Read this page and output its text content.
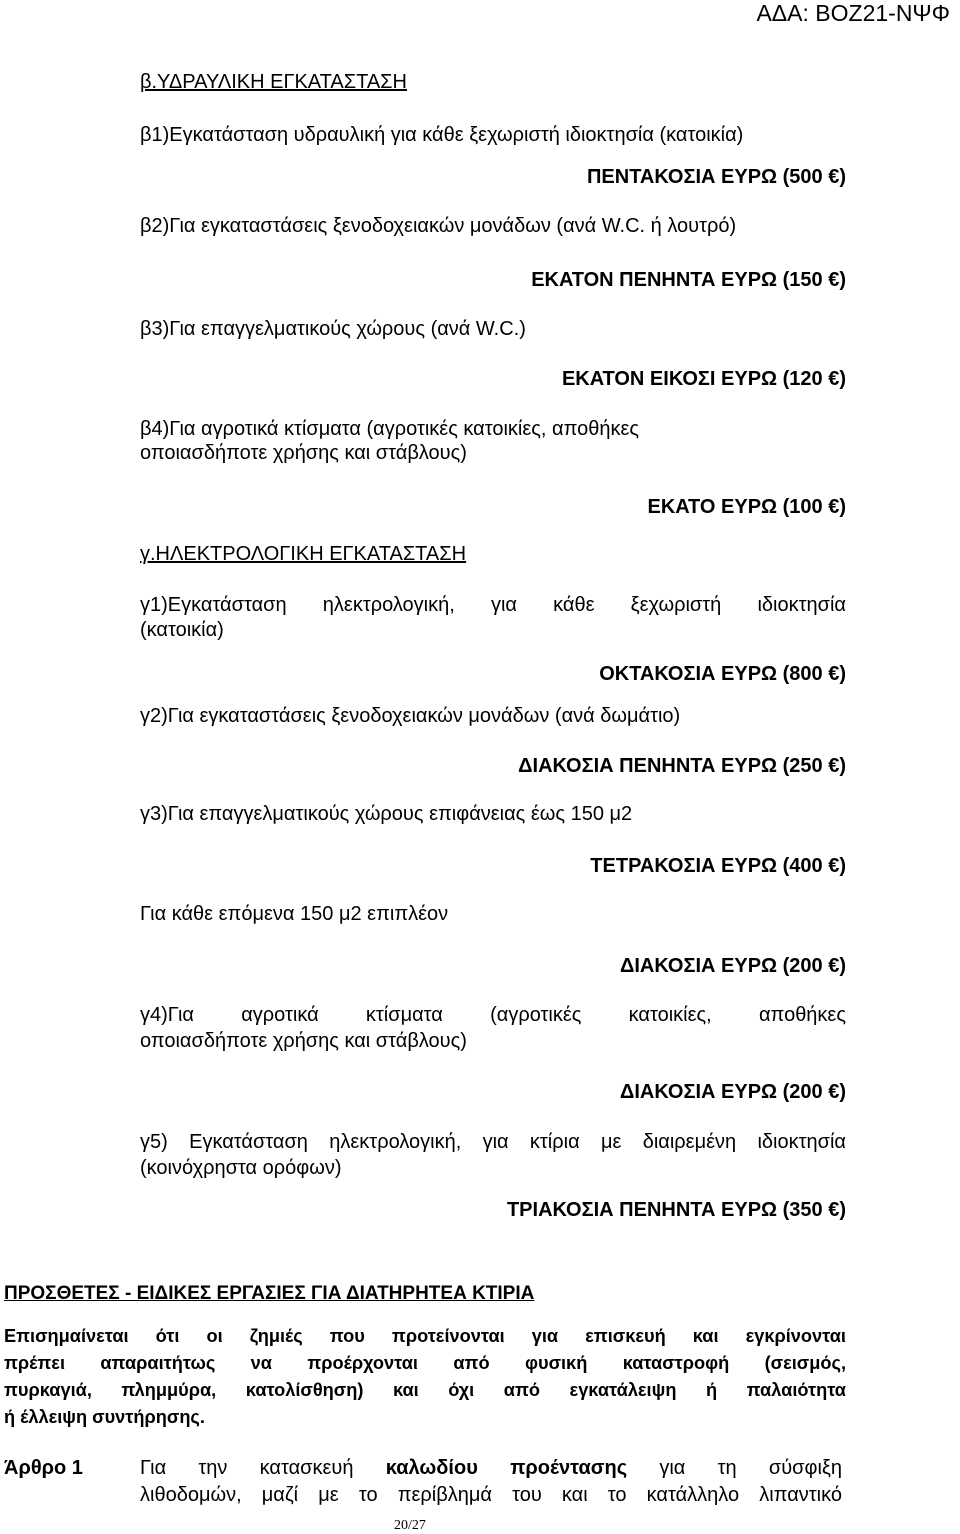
ΑΔΑ: ΒΟΖ21-ΝΨΦ
β.ΥΔΡΑΥΛΙΚΗ ΕΓΚΑΤΑΣΤΑΣΗ
β1)Εγκατάσταση υδραυλική για κάθε ξεχωριστή ιδιοκτησία (κατοικία)
ΠΕΝΤΑΚΟΣΙΑ ΕΥΡΩ (500 €)
β2)Για εγκαταστάσεις ξενοδοχειακών μονάδων (ανά W.C. ή λουτρό)
ΕΚΑΤΟΝ ΠΕΝΗΝΤΑ ΕΥΡΩ (150 €)
β3)Για επαγγελματικούς χώρους (ανά W.C.)
ΕΚΑΤΟΝ ΕΙΚΟΣΙ ΕΥΡΩ (120 €)
β4)Για αγροτικά κτίσματα (αγροτικές κατοικίες, αποθήκες
οποιασδήποτε χρήσης και στάβλους)
ΕΚΑΤΟ ΕΥΡΩ (100 €)
γ.ΗΛΕΚΤΡΟΛΟΓΙΚΗ ΕΓΚΑΤΑΣΤΑΣΗ
γ1)Εγκατάσταση ηλεκτρολογική, για κάθε ξεχωριστή ιδιοκτησία
(κατοικία)
ΟΚΤΑΚΟΣΙΑ ΕΥΡΩ (800 €)
γ2)Για εγκαταστάσεις ξενοδοχειακών μονάδων (ανά δωμάτιο)
ΔΙΑΚΟΣΙΑ ΠΕΝΗΝΤΑ ΕΥΡΩ (250 €)
γ3)Για επαγγελματικούς χώρους επιφάνειας έως 150 μ2
ΤΕΤΡΑΚΟΣΙΑ ΕΥΡΩ (400 €)
Για κάθε επόμενα 150 μ2 επιπλέον
ΔΙΑΚΟΣΙΑ ΕΥΡΩ (200 €)
γ4)Για αγροτικά κτίσματα (αγροτικές κατοικίες, αποθήκες
οποιασδήποτε χρήσης και στάβλους)
ΔΙΑΚΟΣΙΑ ΕΥΡΩ (200 €)
γ5) Εγκατάσταση ηλεκτρολογική, για κτίρια με διαιρεμένη ιδιοκτησία
(κοινόχρηστα ορόφων)
ΤΡΙΑΚΟΣΙΑ ΠΕΝΗΝΤΑ ΕΥΡΩ (350 €)
ΠΡΟΣΘΕΤΕΣ - ΕΙΔΙΚΕΣ ΕΡΓΑΣΙΕΣ ΓΙΑ ΔΙΑΤΗΡΗΤΕΑ ΚΤΙΡΙΑ
Επισημαίνεται ότι οι ζημιές που προτείνονται για επισκευή και εγκρίνονται
πρέπει απαραιτήτως να προέρχονται από φυσική καταστροφή (σεισμός,
πυρκαγιά, πλημμύρα, κατολίσθηση) και όχι από εγκατάλειψη ή παλαιότητα
ή έλλειψη συντήρησης.
Άρθρο 1	Για την κατασκευή καλωδίου προέντασης για τη σύσφιξη
λιθοδομών, μαζί με το περίβλημά του και το κατάλληλο λιπαντικό
20/27
